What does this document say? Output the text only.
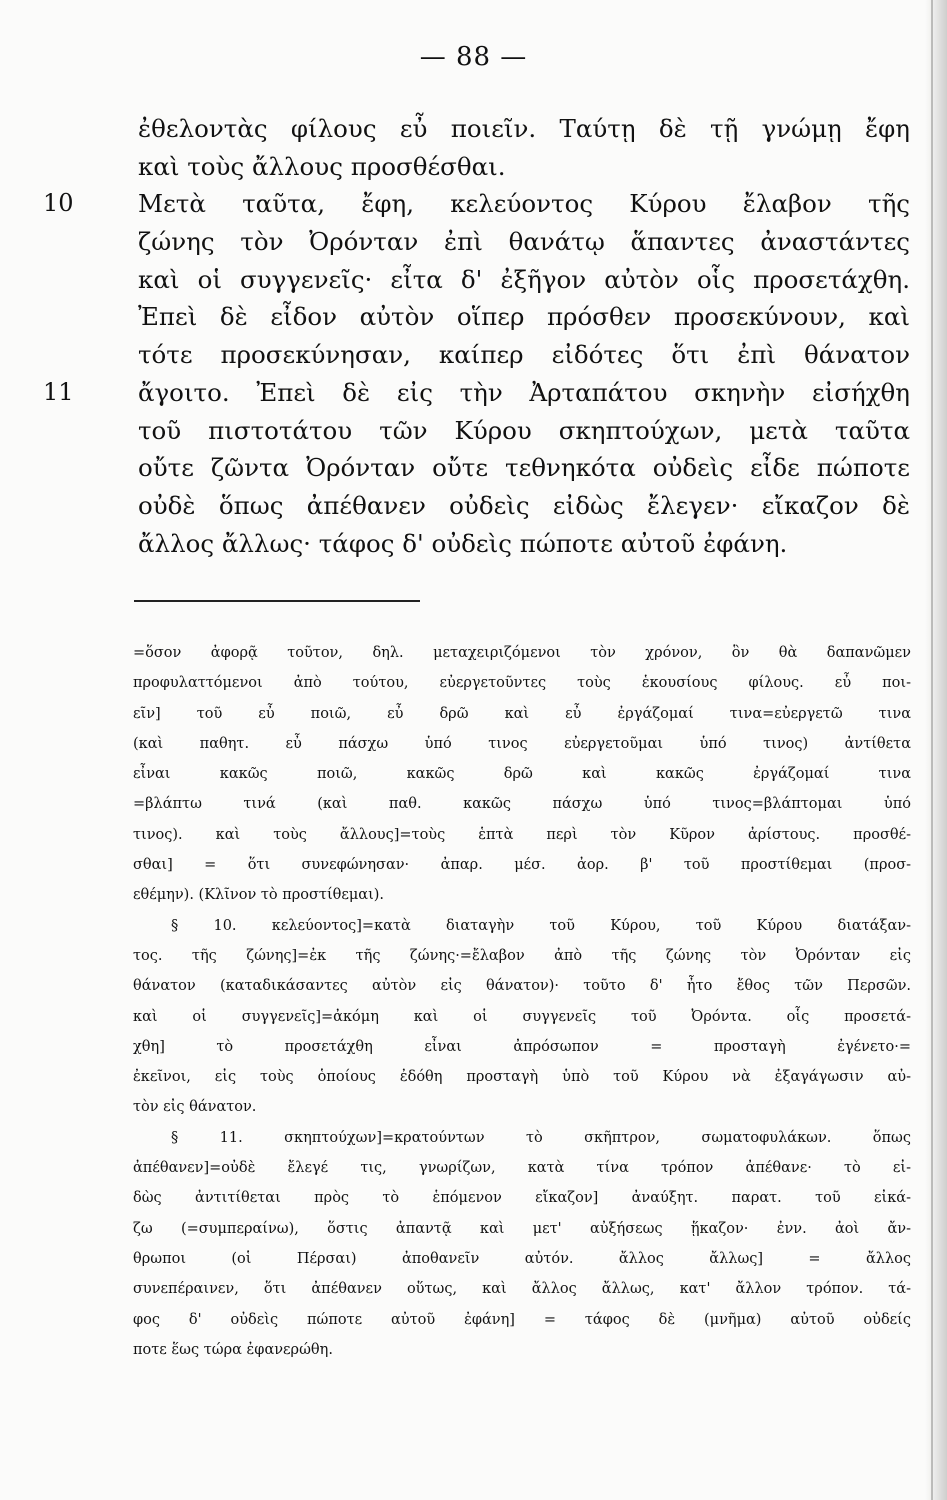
— 88 —
ἐθελοντὰς φίλους εὖ ποιεῖν. Ταύτῃ δὲ τῇ γνώμῃ ἔφη
καὶ τοὺς ἄλλους προσθέσθαι.
10	Μετὰ ταῦτα, ἔφη, κελεύοντος Κύρου ἔλαβον τῆς
ζώνης τὸν Ὀρόνταν ἐπὶ θανάτῳ ἅπαντες ἀναστάντες
καὶ οἱ συγγενεῖς· εἶτα δ' ἐξῆγον αὐτὸν οἷς προσετάχθη.
Ἐπεὶ δὲ εἶδον αὐτὸν οἵπερ πρόσθεν προσεκύνουν, καὶ
τότε προσεκύνησαν, καίπερ εἰδότες ὅτι ἐπὶ θάνατον
11	ἄγοιτο. Ἐπεὶ δὲ εἰς τὴν Ἀρταπάτου σκηνὴν εἰσήχθη
τοῦ πιστοτάτου τῶν Κύρου σκηπτούχων, μετὰ ταῦτα
οὔτε ζῶντα Ὀρόνταν οὔτε τεθνηκότα οὐδεὶς εἶδε πώποτε
οὐδὲ ὅπως ἀπέθανεν οὐδεὶς εἰδὼς ἔλεγεν· εἴκαζον δὲ
ἄλλος ἄλλως· τάφος δ' οὐδεὶς πώποτε αὐτοῦ ἐφάνη.
=ὅσον ἀφορᾷ τοῦτον, δηλ. μεταχειριζόμενοι τὸν χρόνον, ὃν θὰ δαπανῶμεν
προφυλαττόμενοι ἀπὸ τούτου, εὐεργετοῦντες τοὺς ἑκουσίους φίλους. εὖ ποι-
εῖν] τοῦ εὖ ποιῶ, εὖ δρῶ καὶ εὖ ἐργάζομαί τινα=εὐεργετῶ τινα
(καὶ παθητ. εὖ πάσχω ὑπό τινος εὐεργετοῦμαι ὑπό τινος) ἀντίθετα
εἶναι κακῶς ποιῶ, κακῶς δρῶ καὶ κακῶς ἐργάζομαί τινα
=βλάπτω τινά (καὶ παθ. κακῶς πάσχω ὑπό τινος=βλάπτομαι ὑπό
τινος). καὶ τοὺς ἄλλους]=τοὺς ἑπτὰ περὶ τὸν Κῦρον ἀρίστους. προσθέ-
σθαι] = ὅτι συνεφώνησαν· ἀπαρ. μέσ. ἀορ. β' τοῦ προστίθεμαι (προσ-
εθέμην). (Κλῖνον τὸ προστίθεμαι).
§ 10. κελεύοντος]=κατὰ διαταγὴν τοῦ Κύρου, τοῦ Κύρου διατάξαν-
τος. τῆς ζώνης]=ἐκ τῆς ζώνης·=ἔλαβον ἀπὸ τῆς ζώνης τὸν Ὀρόνταν εἰς
θάνατον (καταδικάσαντες αὐτὸν εἰς θάνατον)· τοῦτο δ' ἦτο ἔθος τῶν Περσῶν.
καὶ οἱ συγγενεῖς]=ἀκόμη καὶ οἱ συγγενεῖς τοῦ Ὀρόντα. οἷς προσετά-
χθη] τὸ προσετάχθη εἶναι ἀπρόσωπον = προσταγὴ ἐγένετο·=
ἐκεῖνοι, εἰς τοὺς ὁποίους ἐδόθη προσταγὴ ὑπὸ τοῦ Κύρου νὰ ἐξαγάγωσιν αὐ-
τὸν εἰς θάνατον.
§ 11. σκηπτούχων]=κρατούντων τὸ σκῆπτρον, σωματοφυλάκων. ὅπως
ἀπέθανεν]=οὐδὲ ἔλεγέ τις, γνωρίζων, κατὰ τίνα τρόπον ἀπέθανε· τὸ εἰ-
δὼς ἀντιτίθεται πρὸς τὸ ἑπόμενον εἴκαζον] ἀναύξητ. παρατ. τοῦ εἰκά-
ζω (=συμπεραίνω), ὅστις ἀπαντᾷ καὶ μετ' αὐξήσεως ᾕκαζον· ἐνν. ἀοὶ ἄν-
θρωποι (οἱ Πέρσαι) ἀποθανεῖν αὐτόν. ἄλλος ἄλλως] = ἄλλος
συνεπέραινεν, ὅτι ἀπέθανεν οὕτως, καὶ ἄλλος ἄλλως, κατ' ἄλλον τρόπον. τά-
φος δ' οὐδεὶς πώποτε αὐτοῦ ἐφάνη] = τάφος δὲ (μνῆμα) αὐτοῦ οὐδείς
ποτε ἕως τώρα ἐφανερώθη.
